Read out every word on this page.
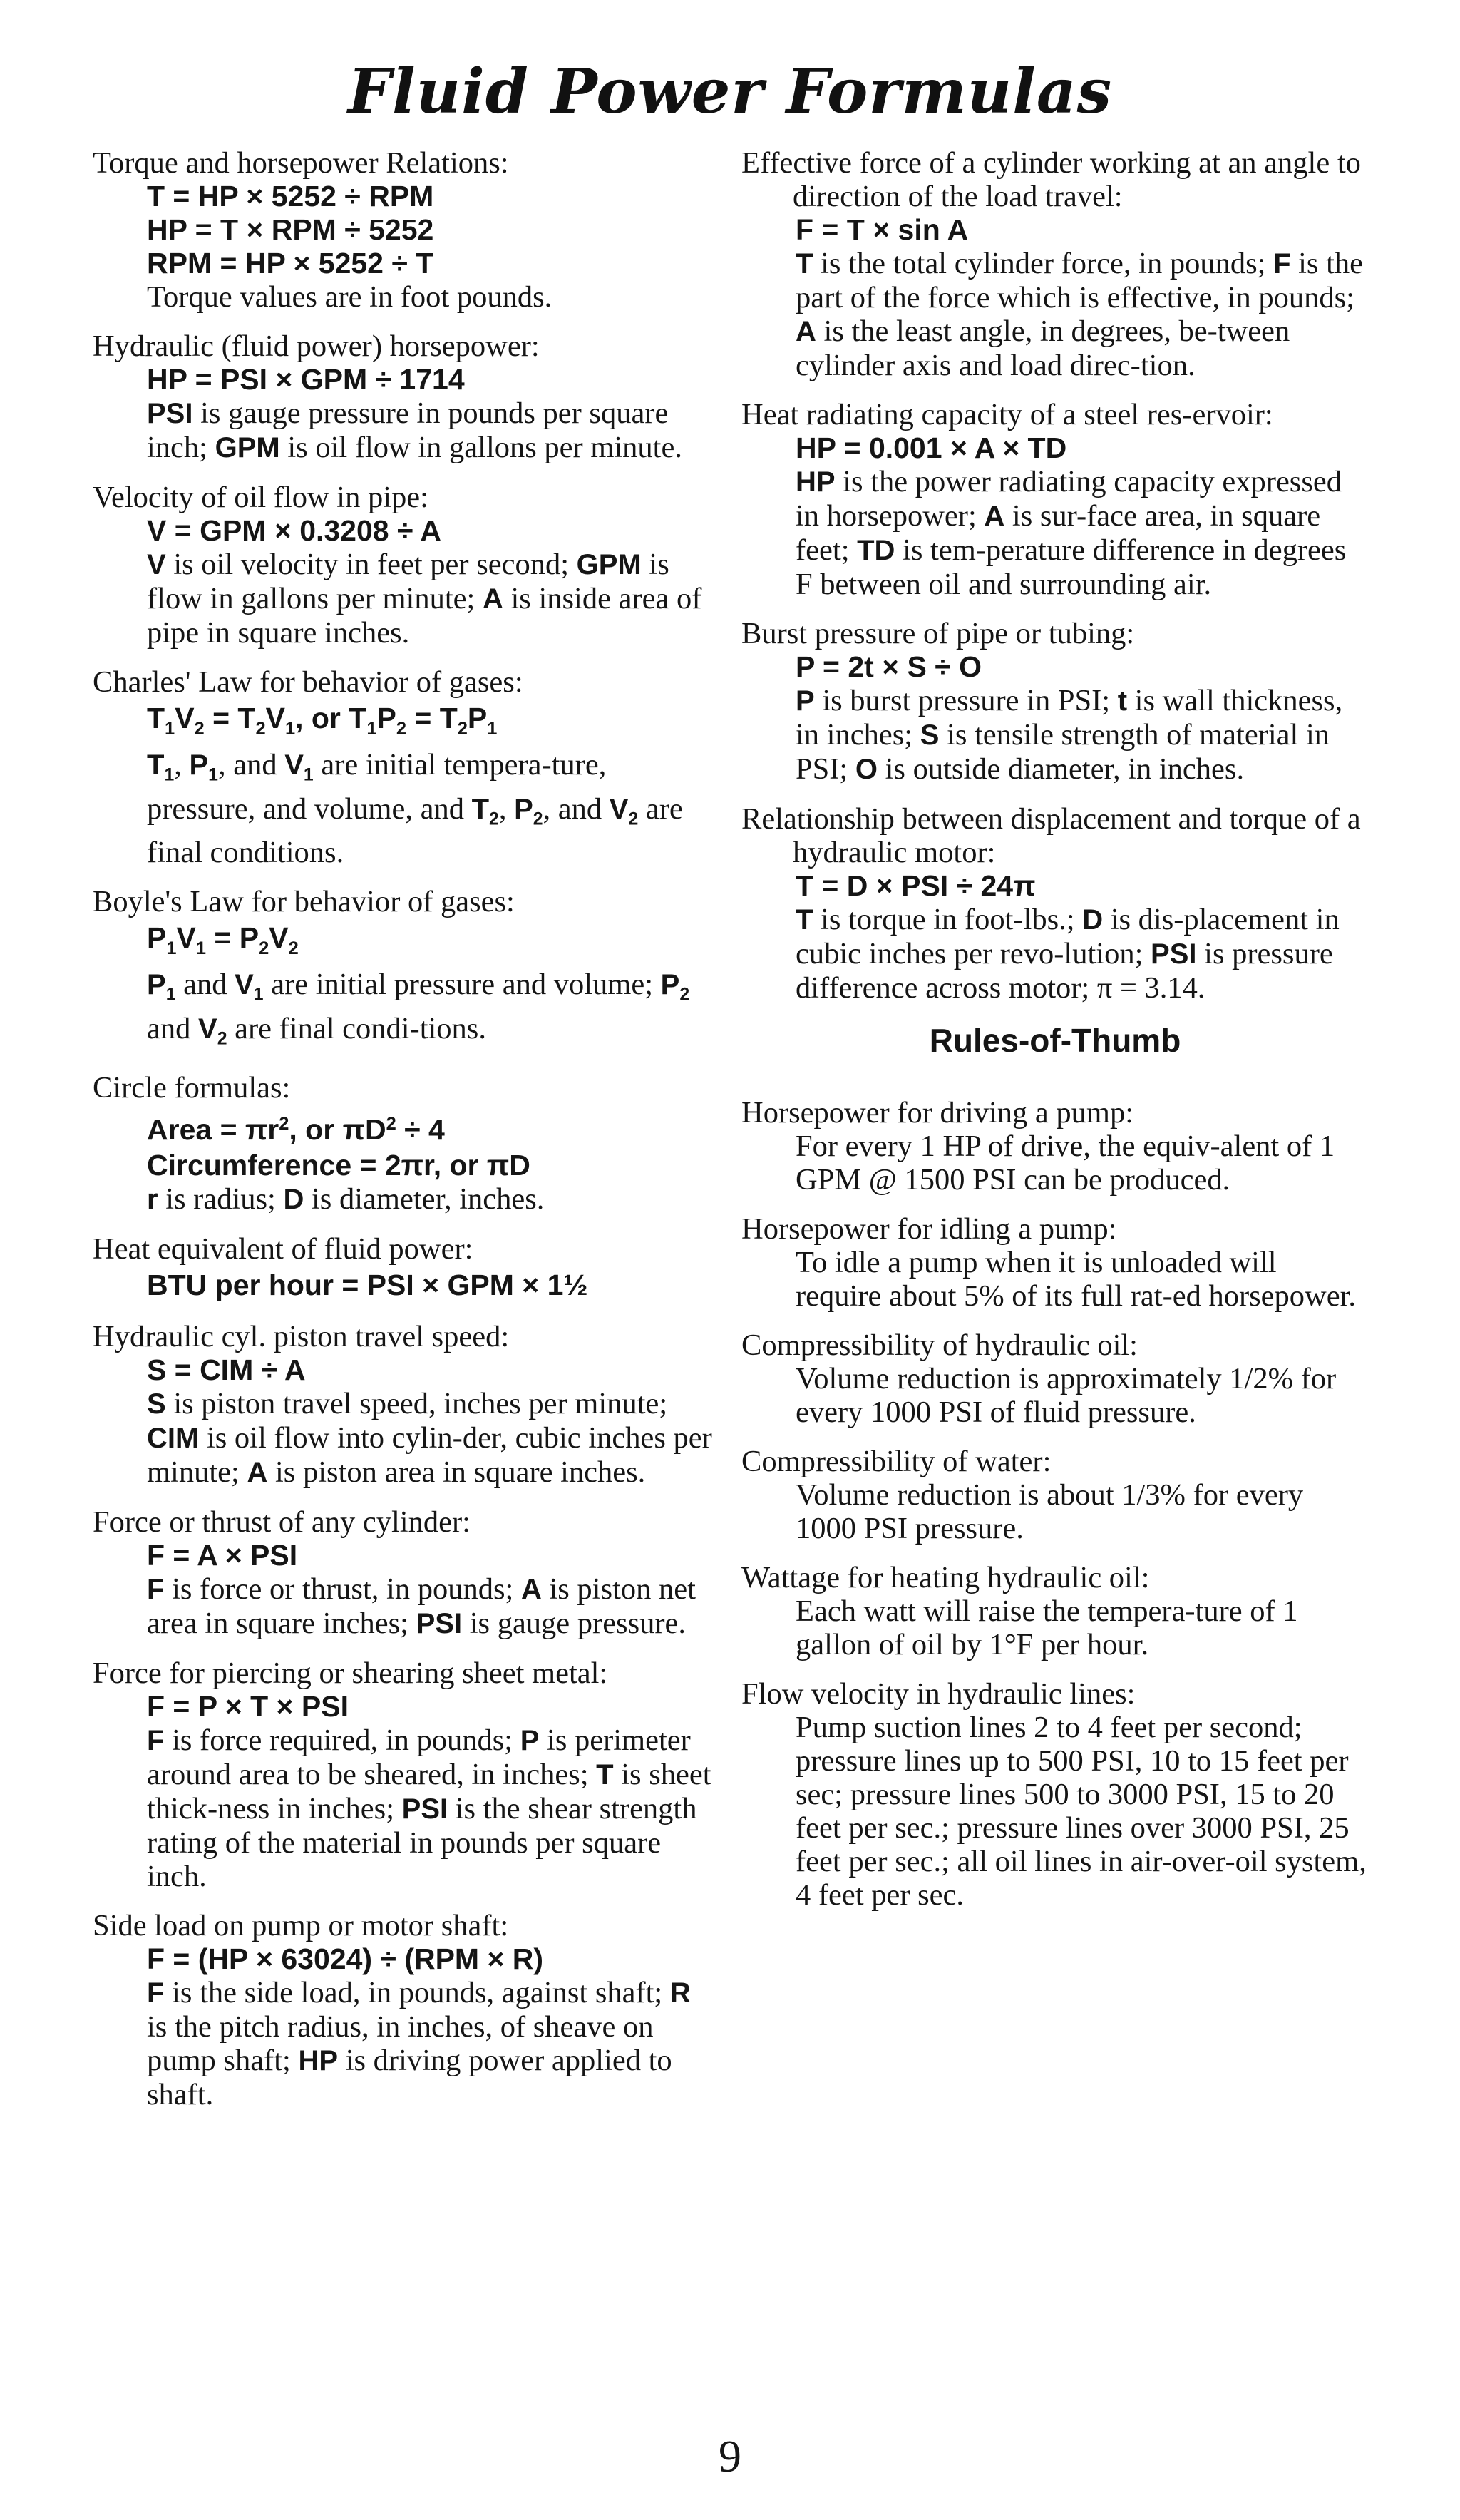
Fluid Power Formulas
Torque and horsepower Relations:
T = HP × 5252 ÷ RPM
HP = T × RPM ÷ 5252
RPM = HP × 5252 ÷ T
Torque values are in foot pounds.
Hydraulic (fluid power) horsepower:
HP = PSI × GPM ÷ 1714
PSI is gauge pressure in pounds per square inch; GPM is oil flow in gallons per minute.
Velocity of oil flow in pipe:
V = GPM × 0.3208 ÷ A
V is oil velocity in feet per second; GPM is flow in gallons per minute; A is inside area of pipe in square inches.
Charles' Law for behavior of gases:
$T_1V_2 = T_2V_1$, or $T_1P_2 = T_2P_1$
$T_1$, $P_1$, and $V_1$ are initial tempera-ture, pressure, and volume, and $T_2$, $P_2$, and $V_2$ are final conditions.
Boyle's Law for behavior of gases:
$P_1V_1 = P_2V_2$
$P_1$ and $V_1$ are initial pressure and volume; $P_2$ and $V_2$ are final condi-tions.
Circle formulas:
Area = $\pi r^2$, or $\pi D^2 \div 4$
Circumference = 2πr, or πD
r is radius; D is diameter, inches.
Heat equivalent of fluid power:
BTU per hour = PSI × GPM × 1½
Hydraulic cyl. piston travel speed:
S = CIM ÷ A
S is piston travel speed, inches per minute; CIM is oil flow into cylin-der, cubic inches per minute; A is piston area in square inches.
Force or thrust of any cylinder:
F = A × PSI
F is force or thrust, in pounds; A is piston net area in square inches; PSI is gauge pressure.
Force for piercing or shearing sheet metal:
F = P × T × PSI
F is force required, in pounds; P is perimeter around area to be sheared, in inches; T is sheet thick-ness in inches; PSI is the shear strength rating of the material in pounds per square inch.
Side load on pump or motor shaft:
F = (HP × 63024) ÷ (RPM × R)
F is the side load, in pounds, against shaft; R is the pitch radius, in inches, of sheave on pump shaft; HP is driving power applied to shaft.
Effective force of a cylinder working at an angle to direction of the load travel:
F = T × sin A
T is the total cylinder force, in pounds; F is the part of the force which is effective, in pounds; A is the least angle, in degrees, be-tween cylinder axis and load direc-tion.
Heat radiating capacity of a steel res-ervoir:
HP = 0.001 × A × TD
HP is the power radiating capacity expressed in horsepower; A is sur-face area, in square feet; TD is tem-perature difference in degrees F between oil and surrounding air.
Burst pressure of pipe or tubing:
P = 2t × S ÷ O
P is burst pressure in PSI; t is wall thickness, in inches; S is tensile strength of material in PSI; O is outside diameter, in inches.
Relationship between displacement and torque of a hydraulic motor:
T = D × PSI ÷ 24π
T is torque in foot-lbs.; D is dis-placement in cubic inches per revo-lution; PSI is pressure difference across motor; π = 3.14.
Rules-of-Thumb
Horsepower for driving a pump:
For every 1 HP of drive, the equiv-alent of 1 GPM @ 1500 PSI can be produced.
Horsepower for idling a pump:
To idle a pump when it is unloaded will require about 5% of its full rat-ed horsepower.
Compressibility of hydraulic oil:
Volume reduction is approximately 1/2% for every 1000 PSI of fluid pressure.
Compressibility of water:
Volume reduction is about 1/3% for every 1000 PSI pressure.
Wattage for heating hydraulic oil:
Each watt will raise the tempera-ture of 1 gallon of oil by 1°F per hour.
Flow velocity in hydraulic lines:
Pump suction lines 2 to 4 feet per second; pressure lines up to 500 PSI, 10 to 15 feet per sec; pressure lines 500 to 3000 PSI, 15 to 20 feet per sec.; pressure lines over 3000 PSI, 25 feet per sec.; all oil lines in air-over-oil system, 4 feet per sec.
9
